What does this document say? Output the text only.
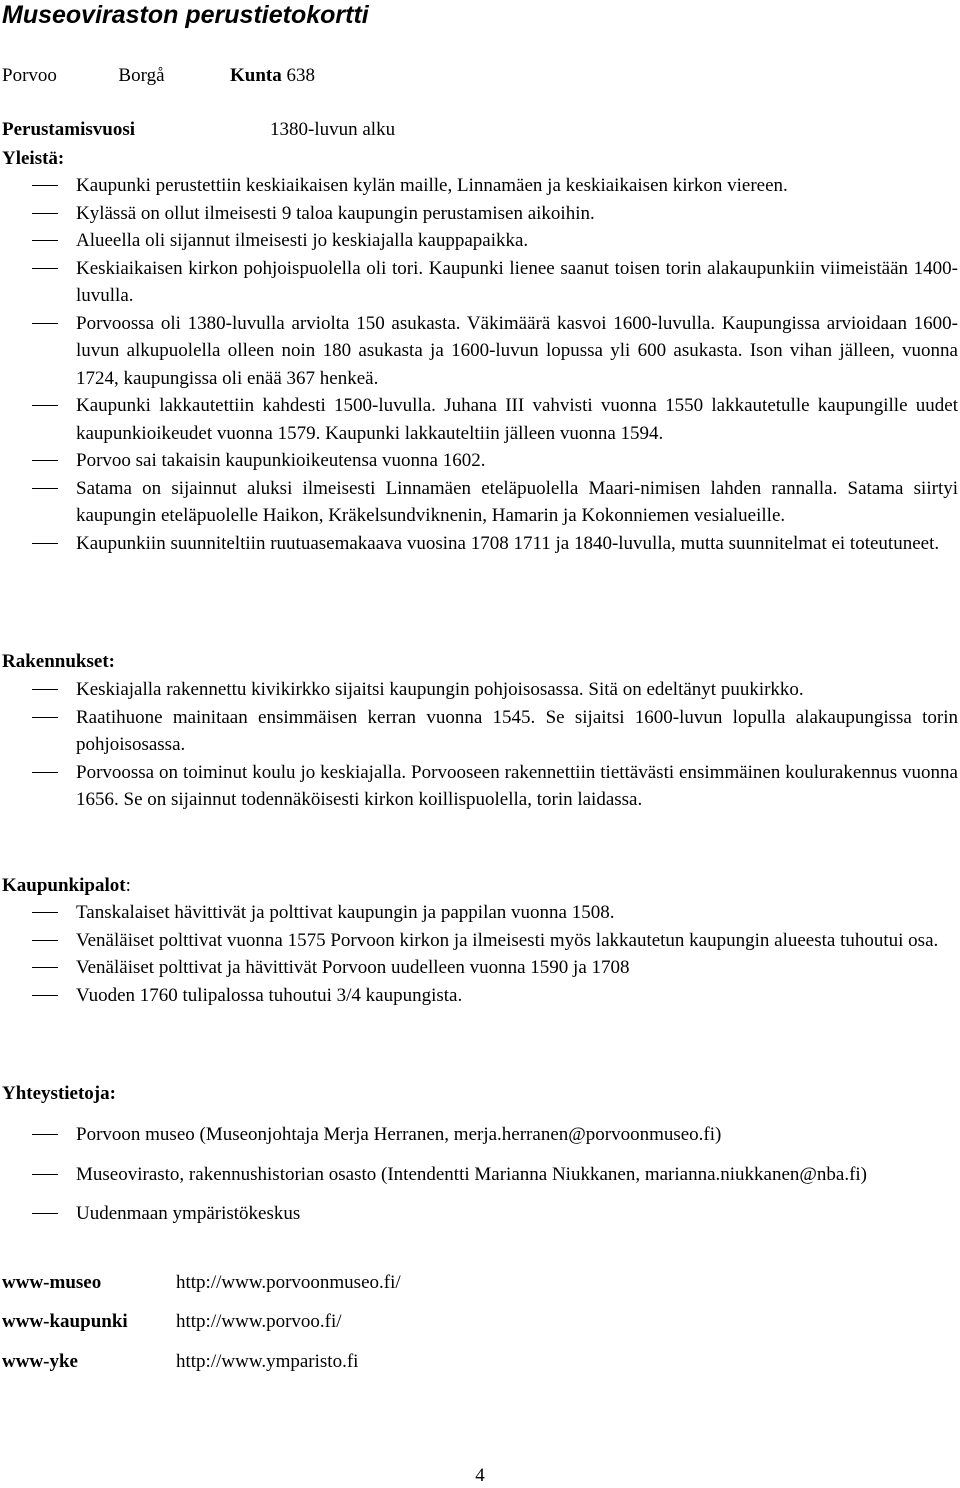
Museoviraston perustietokortti
Porvoo	Borgå	Kunta 638
Perustamisvuosi	1380-luvun alku
Yleistä:
Kaupunki perustettiin keskiaikaisen kylän maille, Linnamäen ja keskiaikaisen kirkon viereen.
Kylässä on ollut ilmeisesti 9 taloa kaupungin perustamisen aikoihin.
Alueella oli sijannut ilmeisesti jo keskiajalla kauppapaikka.
Keskiaikaisen kirkon pohjoispuolella oli tori. Kaupunki lienee saanut toisen torin alakaupunkiin viimeistään 1400-luvulla.
Porvoossa oli 1380-luvulla arviolta 150 asukasta. Väkimäärä kasvoi 1600-luvulla. Kaupungissa arvioidaan 1600-luvun alkupuolella olleen noin 180 asukasta ja 1600-luvun lopussa yli 600 asukasta. Ison vihan jälleen, vuonna 1724, kaupungissa oli enää 367 henkeä.
Kaupunki lakkautettiin kahdesti 1500-luvulla. Juhana III vahvisti vuonna 1550 lakkautetulle kaupungille uudet kaupunkioikeudet vuonna 1579. Kaupunki lakkauteltiin jälleen vuonna 1594.
Porvoo sai takaisin kaupunkioikeutensa vuonna 1602.
Satama on sijainnut aluksi ilmeisesti Linnamäen eteläpuolella Maari-nimisen lahden rannalla. Satama siirtyi kaupungin eteläpuolelle Haikon, Kräkelsundviknenin, Hamarin ja Kokonniemen vesialueille.
Kaupunkiin suunniteltiin ruutuasemakaava vuosina 1708 1711 ja 1840-luvulla, mutta suunnitelmat ei toteutuneet.
Rakennukset:
Keskiajalla rakennettu kivikirkko sijaitsi kaupungin pohjoisosassa. Sitä on edeltänyt puukirkko.
Raatihuone mainitaan ensimmäisen kerran vuonna 1545. Se sijaitsi 1600-luvun lopulla alakaupungissa torin pohjoisosassa.
Porvoossa on toiminut koulu jo keskiajalla. Porvooseen rakennettiin tiettävästi ensimmäinen koulurakennus vuonna 1656. Se on sijainnut todennäköisesti kirkon koillispuolella, torin laidassa.
Kaupunkipalot:
Tanskalaiset hävittivät ja polttivat kaupungin ja pappilan vuonna 1508.
Venäläiset polttivat vuonna 1575 Porvoon kirkon ja ilmeisesti myös lakkautetun kaupungin alueesta tuhoutui osa.
Venäläiset polttivat ja hävittivät Porvoon uudelleen vuonna 1590 ja 1708
Vuoden 1760 tulipalossa tuhoutui 3/4 kaupungista.
Yhteystietoja:
Porvoon museo (Museonjohtaja Merja Herranen, merja.herranen@porvoonmuseo.fi)
Museovirasto, rakennushistorian osasto (Intendentti Marianna Niukkanen, marianna.niukkanen@nba.fi)
Uudenmaan ympäristökeskus
www-museo	http://www.porvoonmuseo.fi/
www-kaupunki	http://www.porvoo.fi/
www-yke	http://www.ymparisto.fi
4
